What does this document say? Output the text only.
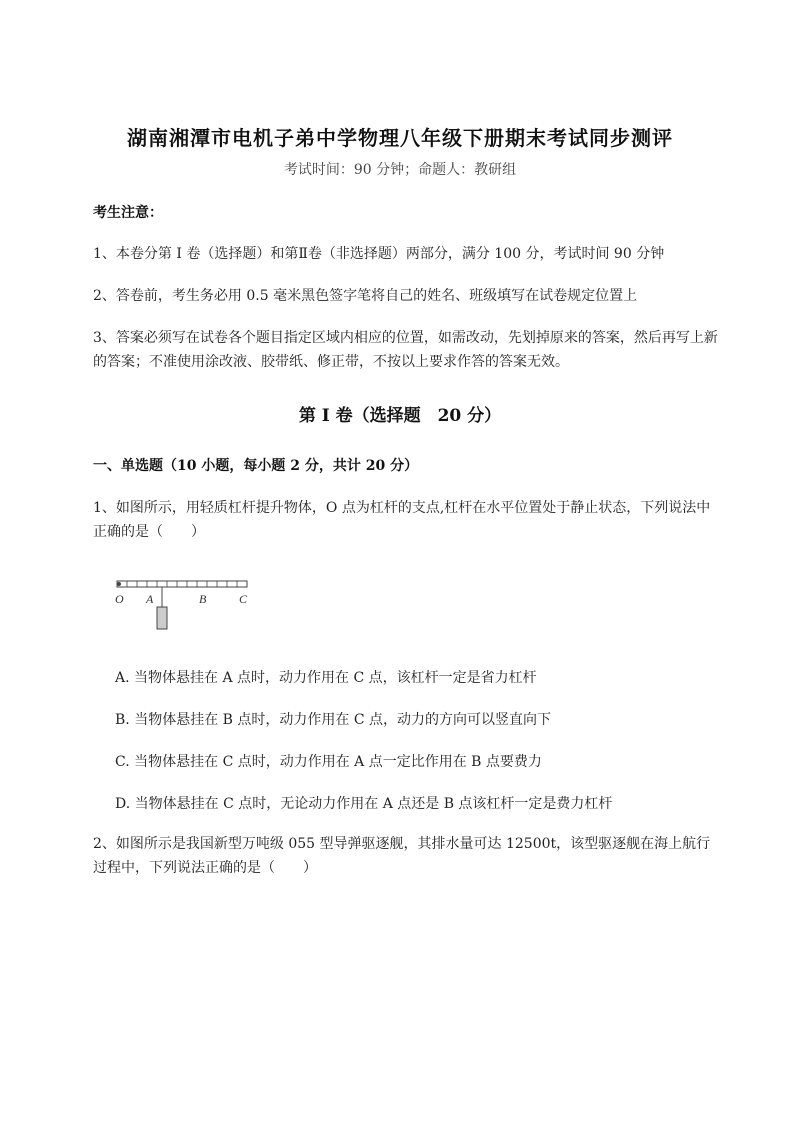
湖南湘潭市电机子弟中学物理八年级下册期末考试同步测评
考试时间：90 分钟；命题人：教研组
考生注意：
1、本卷分第 I 卷（选择题）和第Ⅱ卷（非选择题）两部分，满分 100 分，考试时间 90 分钟
2、答卷前，考生务必用 0.5 毫米黑色签字笔将自己的姓名、班级填写在试卷规定位置上
3、答案必须写在试卷各个题目指定区域内相应的位置，如需改动，先划掉原来的答案，然后再写上新的答案；不准使用涂改液、胶带纸、修正带，不按以上要求作答的答案无效。
第 I 卷（选择题　20 分）
一、单选题（10 小题，每小题 2 分，共计 20 分）
1、如图所示，用轻质杠杆提升物体，O 点为杠杆的支点,杠杆在水平位置处于静止状态，下列说法中正确的是（　　）
O A	B	C
A. 当物体悬挂在 A 点时，动力作用在 C 点，该杠杆一定是省力杠杆
B. 当物体悬挂在 B 点时，动力作用在 C 点，动力的方向可以竖直向下
C. 当物体悬挂在 C 点时，动力作用在 A 点一定比作用在 B 点要费力
D. 当物体悬挂在 C 点时，无论动力作用在 A 点还是 B 点该杠杆一定是费力杠杆
2、如图所示是我国新型万吨级 055 型导弹驱逐舰，其排水量可达 12500t，该型驱逐舰在海上航行过程中，下列说法正确的是（　　）
